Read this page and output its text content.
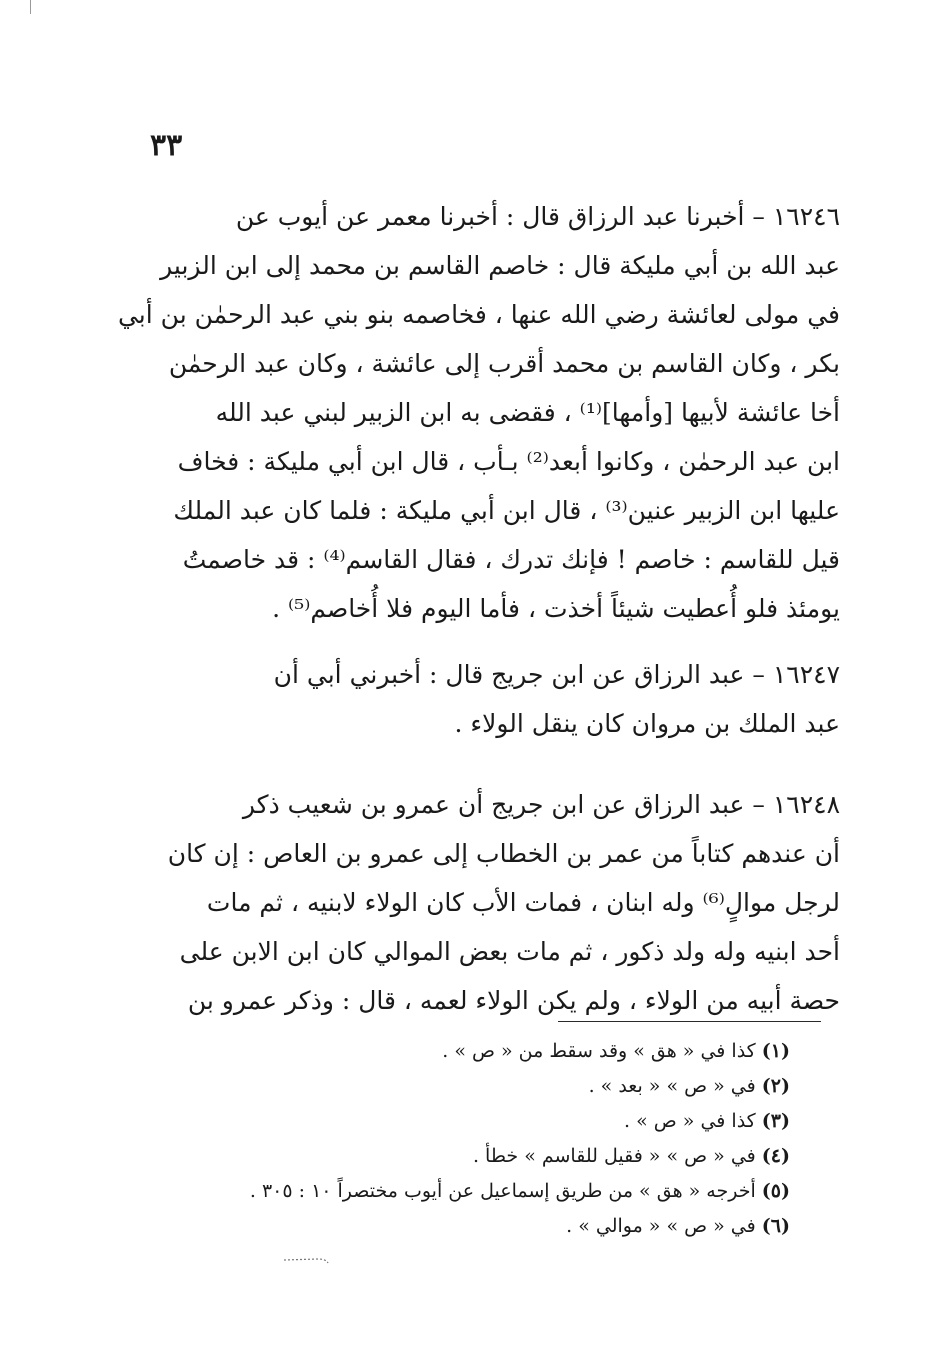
٣٣
١٦٢٤٦ – أخبرنا عبد الرزاق قال : أخبرنا معمر عن أيوب عن
عبد الله بن أبي مليكة قال : خاصم القاسم بن محمد إلى ابن الزبير
في مولى لعائشة رضي الله عنها ، فخاصمه بنو بني عبد الرحمٰن بن أبي
بكر ، وكان القاسم بن محمد أقرب إلى عائشة ، وكان عبد الرحمٰن
أخا عائشة لأبيها [وأمها]⁽¹⁾ ، فقضى به ابن الزبير لبني عبد الله
ابن عبد الرحمٰن ، وكانوا أبعد⁽²⁾ بـأب ، قال ابن أبي مليكة : فخاف
عليها ابن الزبير عنين⁽³⁾ ، قال ابن أبي مليكة : فلما كان عبد الملك
قيل للقاسم : خاصم ! فإنك تدرك ، فقال القاسم⁽⁴⁾ : قد خاصمتُ
يومئذ فلو أُعطيت شيئاً أخذت ، فأما اليوم فلا أُخاصم⁽⁵⁾ .
١٦٢٤٧ – عبد الرزاق عن ابن جريج قال : أخبرني أبي أن
عبد الملك بن مروان كان ينقل الولاء .
١٦٢٤٨ – عبد الرزاق عن ابن جريج أن عمرو بن شعيب ذكر
أن عندهم كتاباً من عمر بن الخطاب إلى عمرو بن العاص : إن كان
لرجل موالٍ⁽⁶⁾ وله ابنان ، فمات الأب كان الولاء لابنيه ، ثم مات
أحد ابنيه وله ولد ذكور ، ثم مات بعض الموالي كان ابن الابن على
حصة أبيه من الولاء ، ولم يكن الولاء لعمه ، قال : وذكر عمرو بن
(١) كذا في « هق » وقد سقط من « ص » .
(٢) في « ص » « بعد » .
(٣) كذا في « ص » .
(٤) في « ص » « فقيل للقاسم » خطأ .
(٥) أخرجه « هق » من طريق إسماعيل عن أيوب مختصراً ١٠ : ٣٠٥ .
(٦) في « ص » « موالي » .
